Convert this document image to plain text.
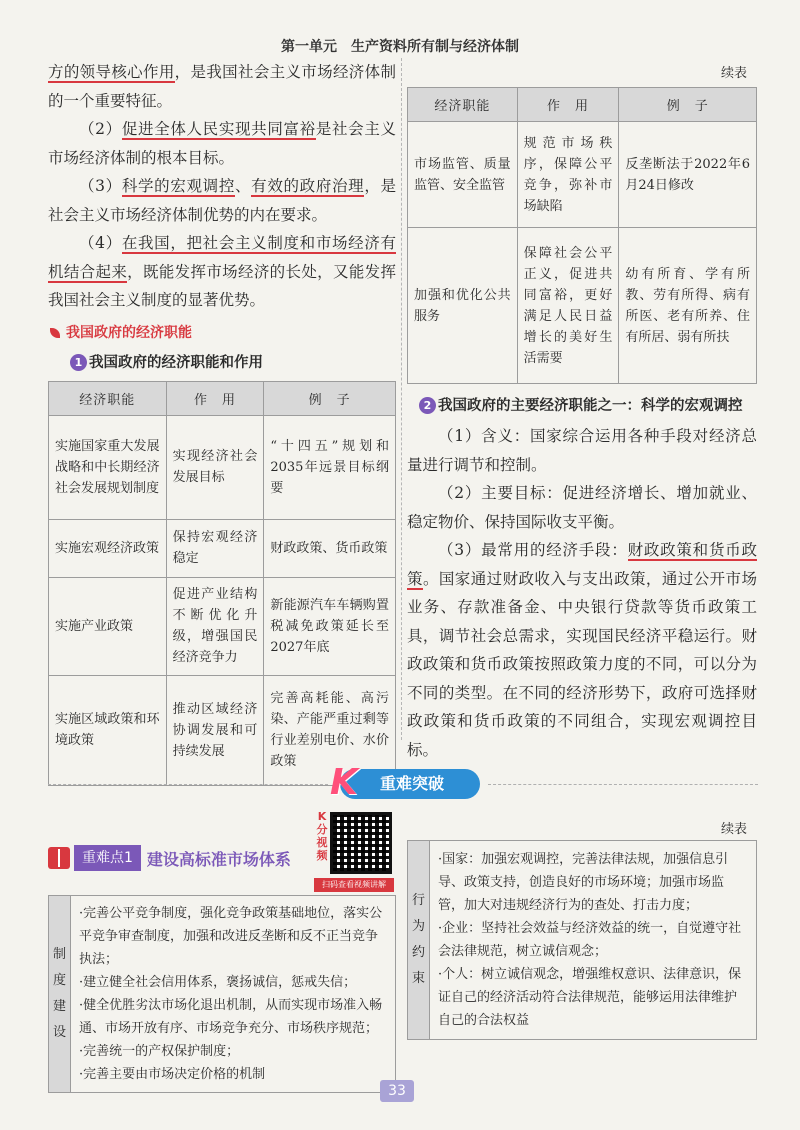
第一单元　生产资料所有制与经济体制

方的领导核心作用，是我国社会主义市场经济体制的一个重要特征。

（2）促进全体人民实现共同富裕是社会主义市场经济体制的根本目标。

（3）科学的宏观调控、有效的政府治理，是社会主义市场经济体制优势的内在要求。

（4）在我国，把社会主义制度和市场经济有机结合起来，既能发挥市场经济的长处，又能发挥我国社会主义制度的显著优势。

我国政府的经济职能
1 我国政府的经济职能和作用
经济职能	作　用	例　子
实施国家重大发展战略和中长期经济社会发展规划制度	实现经济社会发展目标	“十四五”规划和2035年远景目标纲要
实施宏观经济政策	保持宏观经济稳定	财政政策、货币政策
实施产业政策	促进产业结构不断优化升级，增强国民经济竞争力	新能源汽车车辆购置税减免政策延长至2027年底
实施区域政策和环境政策	推动区域经济协调发展和可持续发展	完善高耗能、高污染、产能严重过剩等行业差别电价、水价政策
续表
经济职能	作　用	例　子
市场监管、质量监管、安全监管	规范市场秩序，保障公平竞争，弥补市场缺陷	反垄断法于2022年6月24日修改
加强和优化公共服务	保障社会公平正义，促进共同富裕，更好满足人民日益增长的美好生活需要	幼有所育、学有所教、劳有所得、病有所医、老有所养、住有所居、弱有所扶
2 我国政府的主要经济职能之一：科学的宏观调控

（1）含义：国家综合运用各种手段对经济总量进行调节和控制。

（2）主要目标：促进经济增长、增加就业、稳定物价、保持国际收支平衡。

（3）最常用的经济手段：财政政策和货币政策。国家通过财政收入与支出政策，通过公开市场业务、存款准备金、中央银行贷款等货币政策工具，调节社会总需求，实现国民经济平稳运行。财政政策和货币政策按照政策力度的不同，可以分为不同的类型。在不同的经济形势下，政府可选择财政政策和货币政策的不同组合，实现宏观调控目标。

重难突破
K
重难点1 建设高标准市场体系
K分视频
扫码查看视频讲解
制度建设	
·完善公平竞争制度，强化竞争政策基础地位，落实公平竞争审查制度，加强和改进反垄断和反不正当竞争执法；
·建立健全社会信用体系，褒扬诚信，惩戒失信；
·健全优胜劣汰市场化退出机制，从而实现市场准入畅通、市场开放有序、市场竞争充分、市场秩序规范；
·完善统一的产权保护制度；
·完善主要由市场决定价格的机制
续表
行为约束	
·国家：加强宏观调控，完善法律法规，加强信息引导、政策支持，创造良好的市场环境；加强市场监管，加大对违规经济行为的查处、打击力度；
·企业：坚持社会效益与经济效益的统一，自觉遵守社会法律规范，树立诚信观念；
·个人：树立诚信观念，增强维权意识、法律意识，保证自己的经济活动符合法律规范，能够运用法律维护自己的合法权益
33
